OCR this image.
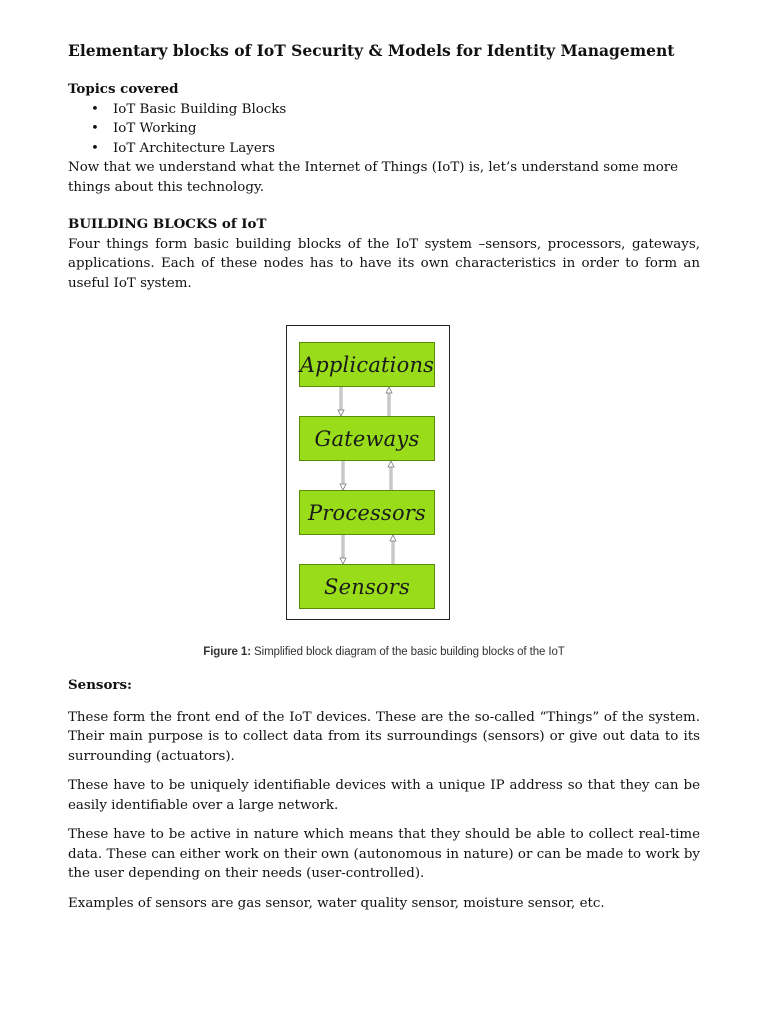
Elementary blocks of IoT Security & Models for Identity Management

Topics covered

• IoT Basic Building Blocks
• IoT Working
• IoT Architecture Layers

Now that we understand what the Internet of Things (IoT) is, let’s understand some more things about this technology.

BUILDING BLOCKS of IoT

Four things form basic building blocks of the IoT system –sensors, processors, gateways, applications. Each of these nodes has to have its own characteristics in order to form an useful IoT system.

Applications
Gateways
Processors
Sensors
Figure 1: Simplified block diagram of the basic building blocks of the IoT

Sensors:

These form the front end of the IoT devices. These are the so-called “Things” of the system. Their main purpose is to collect data from its surroundings (sensors) or give out data to its surrounding (actuators).

These have to be uniquely identifiable devices with a unique IP address so that they can be easily identifiable over a large network.

These have to be active in nature which means that they should be able to collect real-time data. These can either work on their own (autonomous in nature) or can be made to work by the user depending on their needs (user-controlled).

Examples of sensors are gas sensor, water quality sensor, moisture sensor, etc.
